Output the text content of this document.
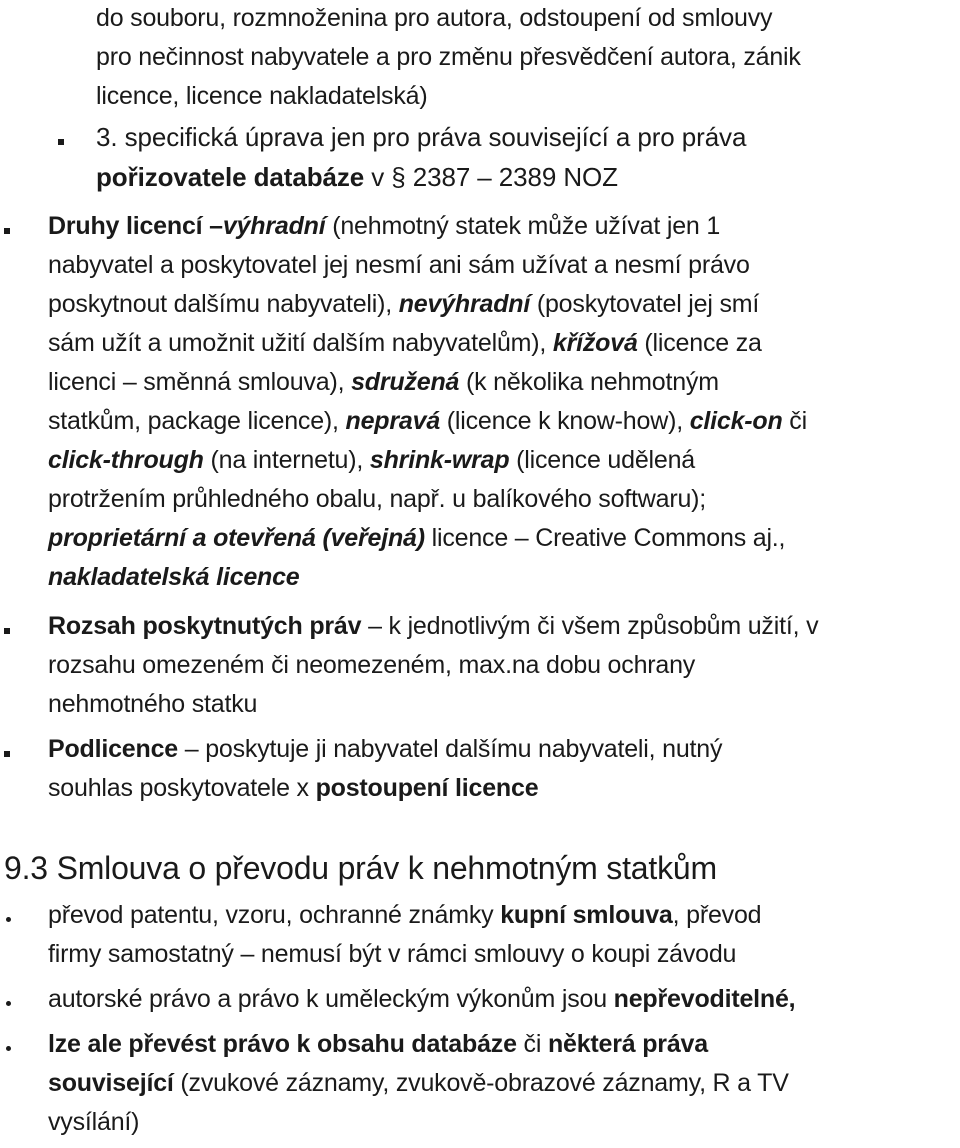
do souboru, rozmnoženina pro autora, odstoupení od smlouvy
pro nečinnost nabyvatele a pro změnu přesvědčení autora, zánik
licence, licence nakladatelská)
3. specifická úprava jen pro práva související a pro práva
pořizovatele databáze v § 2387 – 2389 NOZ
Druhy licencí –výhradní (nehmotný statek může užívat jen 1
nabyvatel a poskytovatel jej nesmí ani sám užívat a nesmí právo
poskytnout dalšímu nabyvateli), nevýhradní (poskytovatel jej smí
sám užít a umožnit užití dalším nabyvatelům), křížová (licence za
licenci – směnná smlouva), sdružená (k několika nehmotným
statkům, package licence), nepravá (licence k know-how), click-on či
click-through (na internetu), shrink-wrap (licence udělená
protržením průhledného obalu, např. u balíkového softwaru);
proprietární a otevřená (veřejná) licence – Creative Commons aj.,
nakladatelská licence
Rozsah poskytnutých práv – k jednotlivým či všem způsobům užití, v
rozsahu omezeném či neomezeném, max.na dobu ochrany
nehmotného statku
Podlicence – poskytuje ji nabyvatel dalšímu nabyvateli, nutný
souhlas poskytovatele x postoupení licence
9.3 Smlouva o převodu práv k nehmotným statkům
převod patentu, vzoru, ochranné známky kupní smlouva, převod
firmy samostatný – nemusí být v rámci smlouvy o koupi závodu
autorské právo a právo k uměleckým výkonům jsou nepřevoditelné,
lze ale převést právo k obsahu databáze či některá práva
související (zvukové záznamy, zvukově-obrazové záznamy, R a TV
vysílání)
